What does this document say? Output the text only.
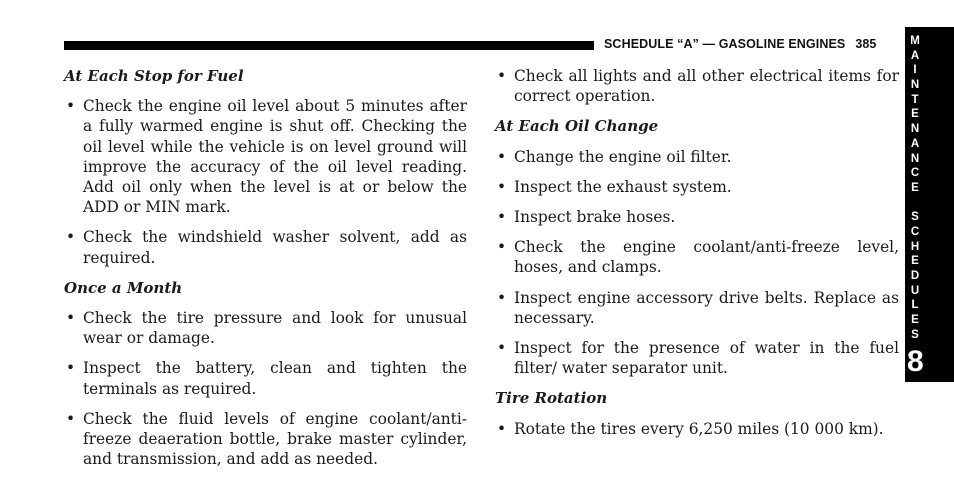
SCHEDULE “A” — GASOLINE ENGINES 385	M
A
I
N
T
E
N
A
N
C
E
S
C
H
E
D
U
L
E
S
8
At Each Stop for Fuel
• Check the engine oil level about 5 minutes after a fully warmed engine is shut off. Checking the oil level while the vehicle is on level ground will improve the accuracy of the oil level reading. Add oil only when the level is at or below the ADD or MIN mark.
• Check the windshield washer solvent, add as required.
Once a Month
• Check the tire pressure and look for unusual wear or damage.
• Inspect the battery, clean and tighten the terminals as required.
• Check the fluid levels of engine coolant/anti-freeze deaeration bottle, brake master cylinder, and transmission, and add as needed.
• Check all lights and all other electrical items for correct operation.
At Each Oil Change
• Change the engine oil filter.
• Inspect the exhaust system.
• Inspect brake hoses.
• Check the engine coolant/anti-freeze level, hoses, and clamps.
• Inspect engine accessory drive belts. Replace as necessary.
• Inspect for the presence of water in the fuel filter/ water separator unit.
Tire Rotation
• Rotate the tires every 6,250 miles (10 000 km).
